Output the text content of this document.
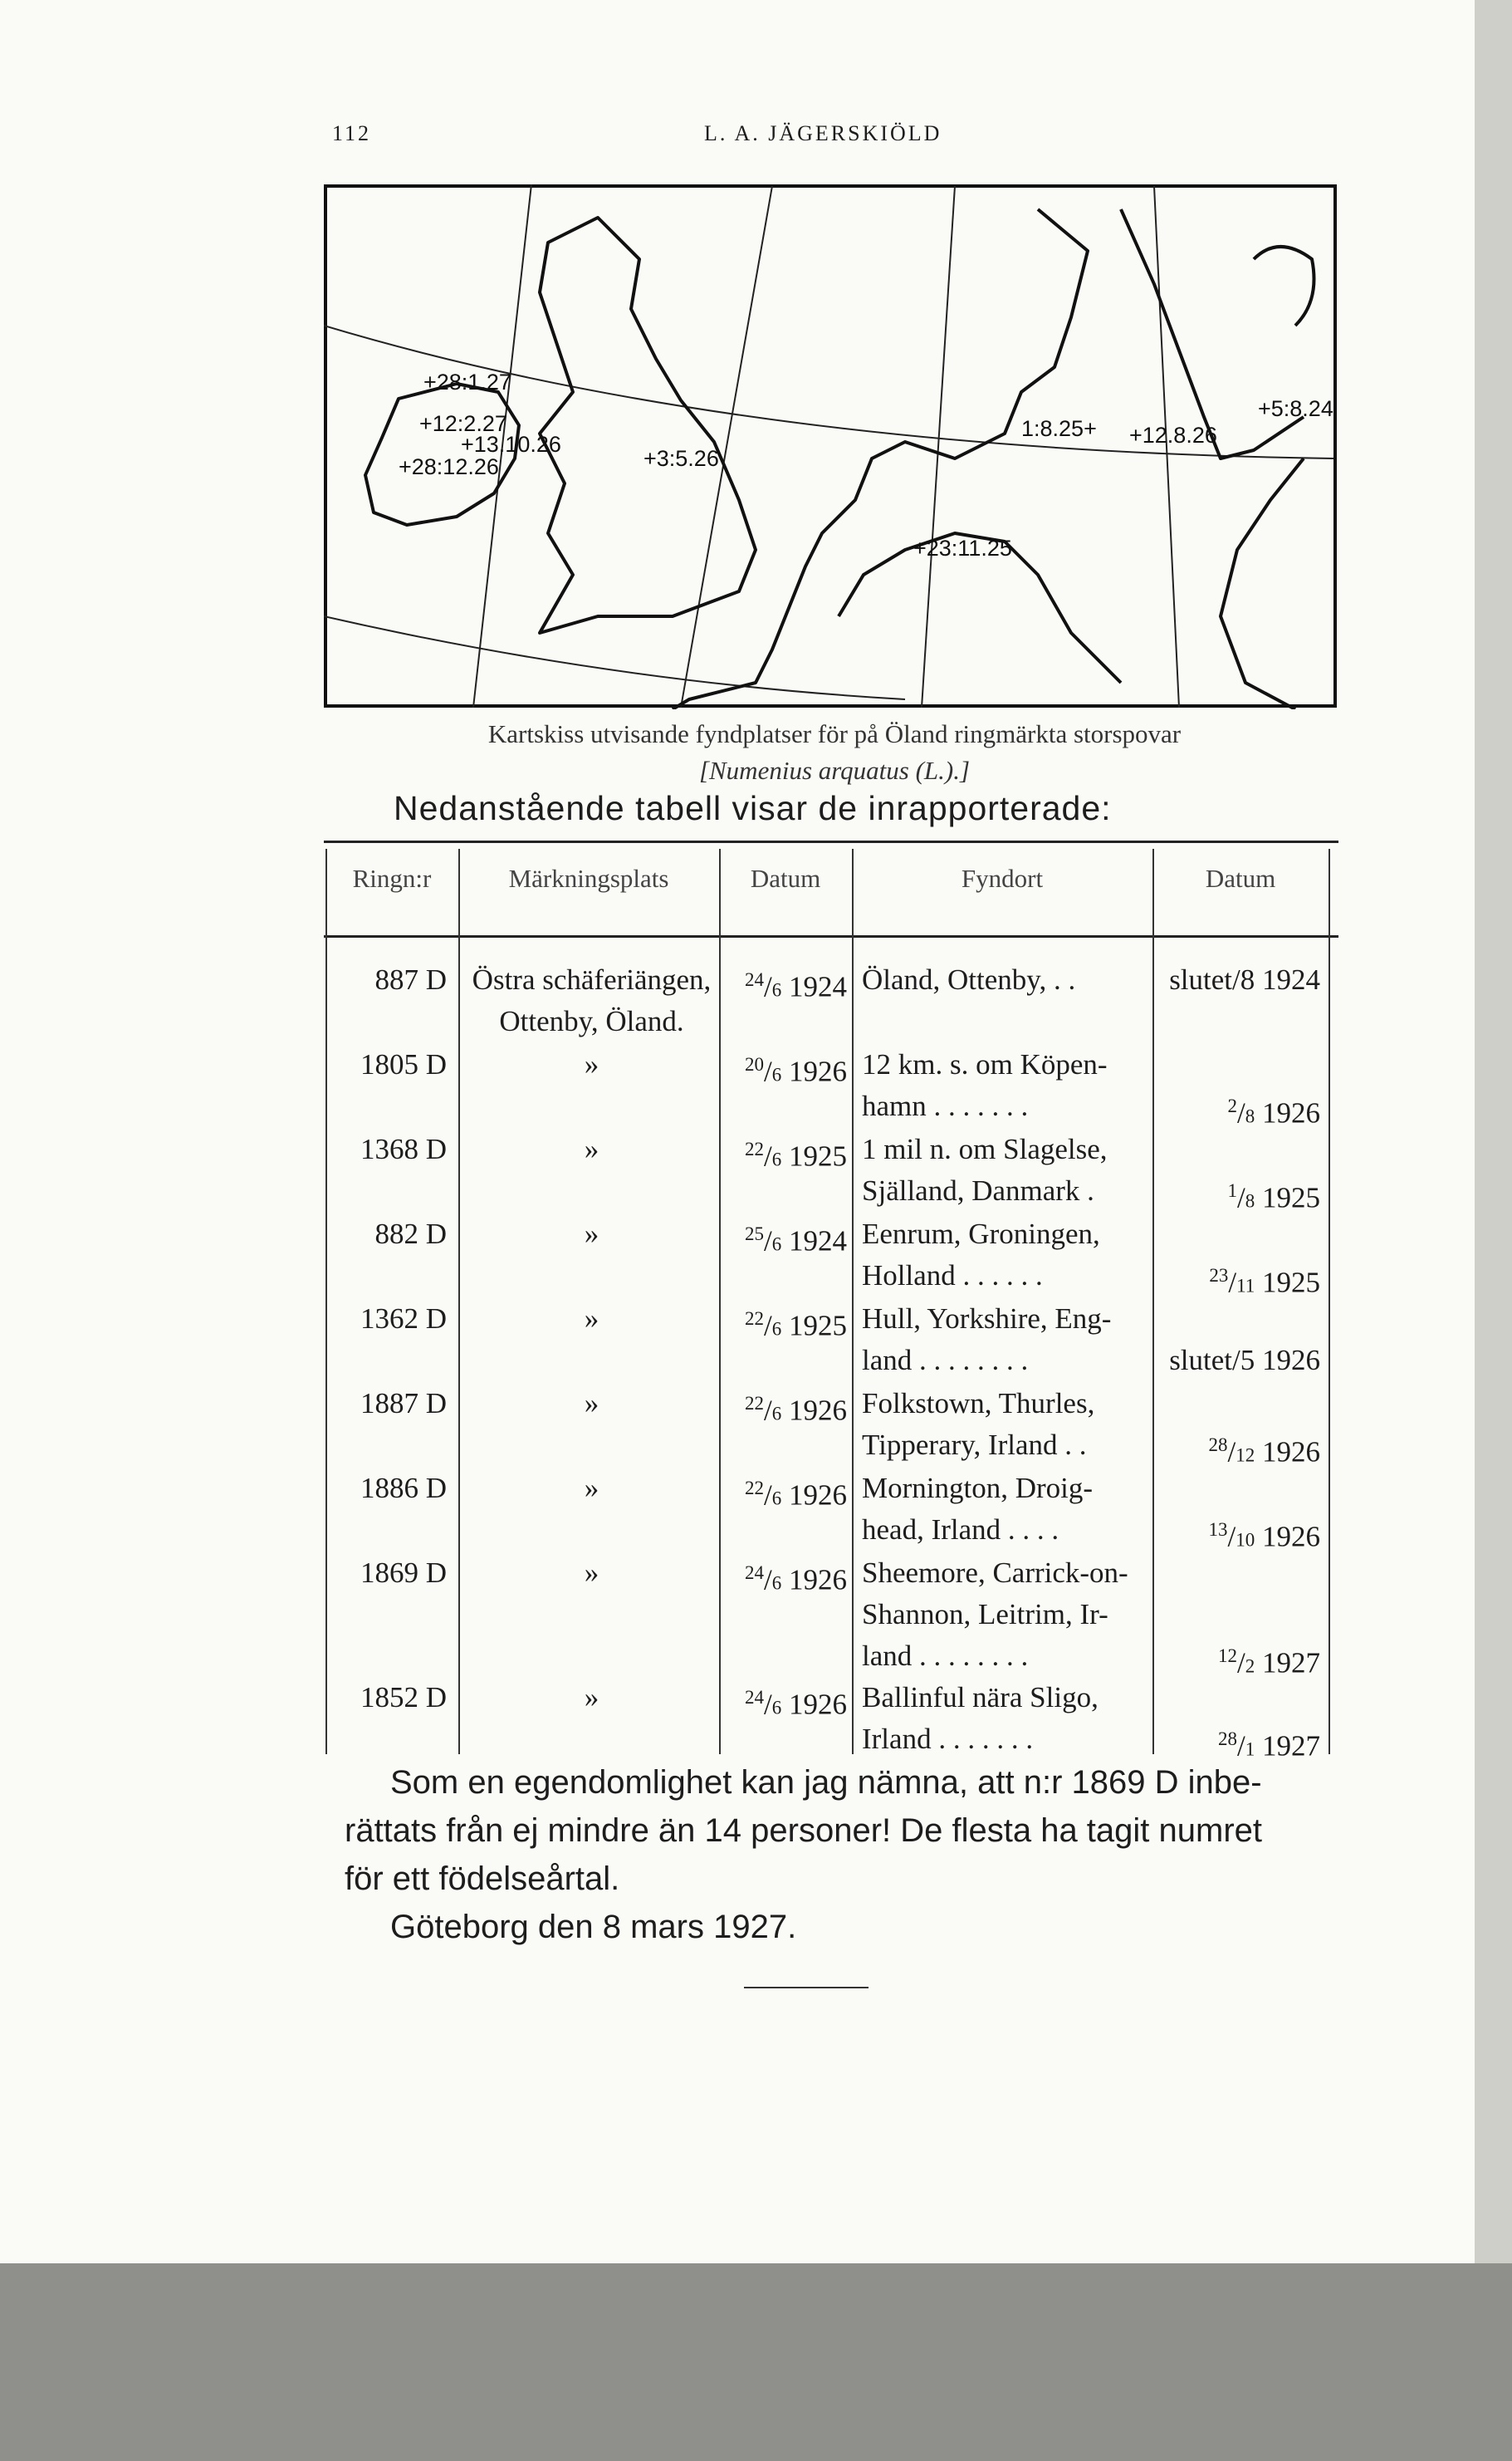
112	L. A. JÄGERSKIÖLD
+28:1.27
+12:2.27
+13.10.26
+28:12.26	+3:5.26
+23:11.25
1:8.25+ +12.8.26
+5:8.24
Kartskiss utvisande fyndplatser för på Öland ringmärkta storspovar
[Numenius arquatus (L.).]
Nedanstående tabell visar de inrapporterade:
Ringn:r	Märkningsplats	Datum	Fyndort	Datum
887 D Östra schäferiängen,
Ottenby, Öland.
$^{24}$/6 1924 Öland, Ottenby, . .	slutet/8 1924
1805 D	»	$^{20}$/6 1926 12 km. s. om Köpen-
hamn . . . . . . .	$^2$/8 1926
1368 D	»	$^{22}$/6 1925 1 mil n. om Slagelse,
Själland, Danmark .	$^1$/8 1925
882 D	»	$^{25}$/6 1924 Eenrum, Groningen,
Holland . . . . . .	$^{23}$/11 1925
1362 D	»	$^{22}$/6 1925 Hull, Yorkshire, Eng-
land . . . . . . . .	slutet/5 1926
1887 D	»	$^{22}$/6 1926 Folkstown, Thurles,
Tipperary, Irland . .	$^{28}$/12 1926
1886 D	»	$^{22}$/6 1926 Mornington, Droig-
head, Irland . . . .	$^{13}$/10 1926
1869 D	»	$^{24}$/6 1926 Sheemore, Carrick-on-
Shannon, Leitrim, Ir-
land . . . . . . . .	$^{12}$/2 1927
1852 D	»	$^{24}$/6 1926 Ballinful nära Sligo,
Irland . . . . . . .	$^{28}$/1 1927
Som en egendomlighet kan jag nämna, att n:r 1869 D inbe-
rättats från ej mindre än 14 personer! De flesta ha tagit numret
för ett födelseårtal.
Göteborg den 8 mars 1927.
